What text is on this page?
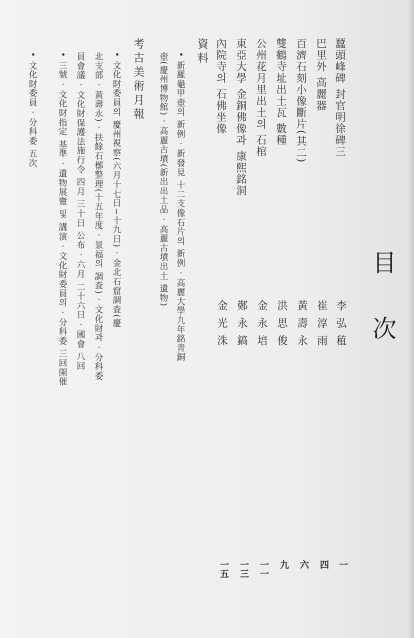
目次
蠶頭峰碑 封官明徐碑三
李弘稙
一
巴里外 高麗器
崔淳雨
四
百濟石刻小像斷片(其二)
黃壽永
六
雙鶴寺址出土瓦 數種
洪思俊
九
公州花月里出土의 石棺
金永培
一一
東亞大學 金銅佛像과 康熙銘洞
鄭永鎬
一三
內院寺의 石佛坐像
金光洙
一五
資料
•新羅龜甲壺의 新例 · 新發見 十二支像石片의 新例 · 高麗大學九年銘靑銅
壺(慶州博物館) · 高麗古墳(新出出土品 · 高麗古墳出土 遺物)
考古美術月報
•文化財委員의 慶州視察(六月十七日~十九日) · 金北石窟調査(慶
北支部 · 黃壽永) · 扶餘石槨整理(十五年度 · 景福의 調査) · 文化財과 · 分科委
員會議 · 文化財保護法施行令 四月 三十日 公布 · 六月 二十六日 · 國會 八回
•三號 · 文化財指定 基準 · 遺物展覽 및 講演 · 文化財委員의 · 分科委 三回開催
•文化財委員 · 分科委 五次
